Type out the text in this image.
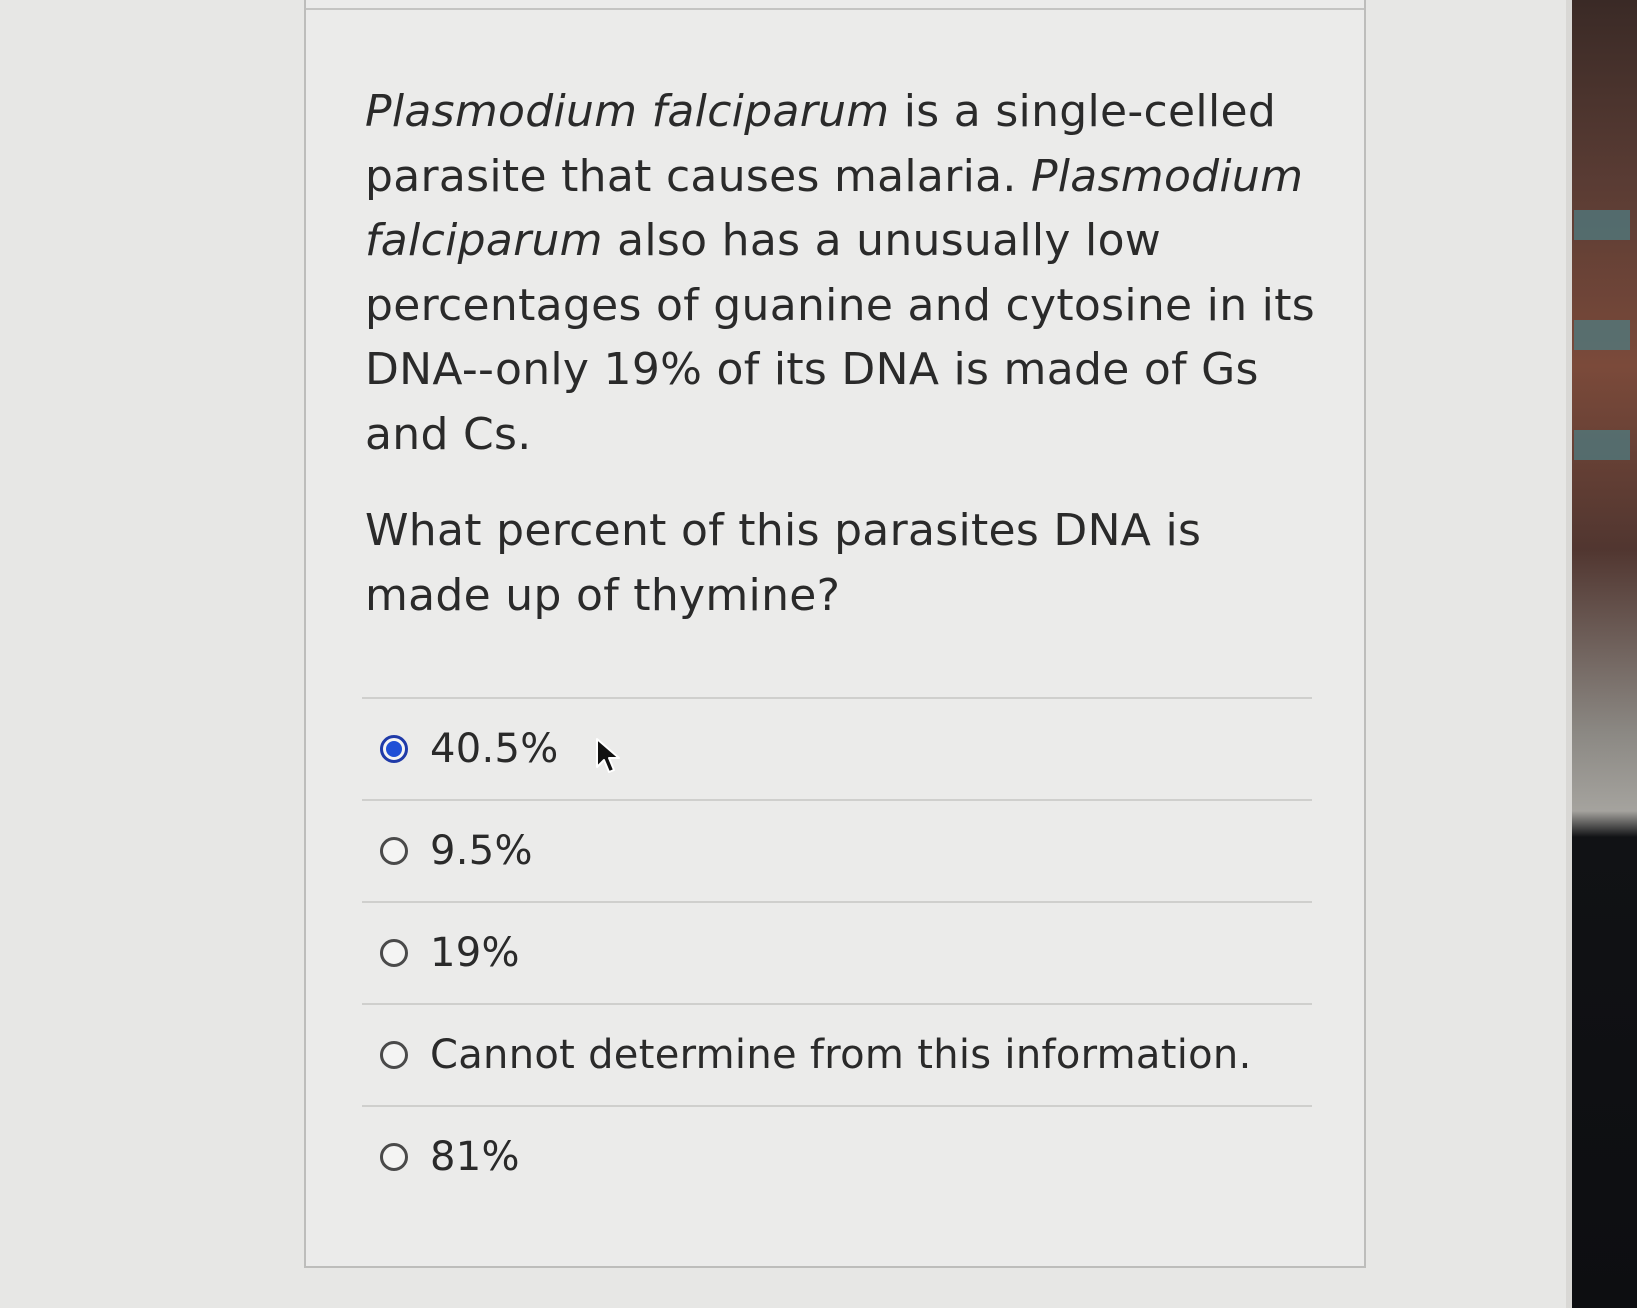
Plasmodium falciparum is a single-celled parasite that causes malaria. Plasmodium falciparum also has a unusually low percentages of guanine and cytosine in its DNA--only 19% of its DNA is made of Gs and Cs.

What percent of this parasites DNA is made up of thymine?

40.5%
9.5%
19%
Cannot determine from this information.
81%
